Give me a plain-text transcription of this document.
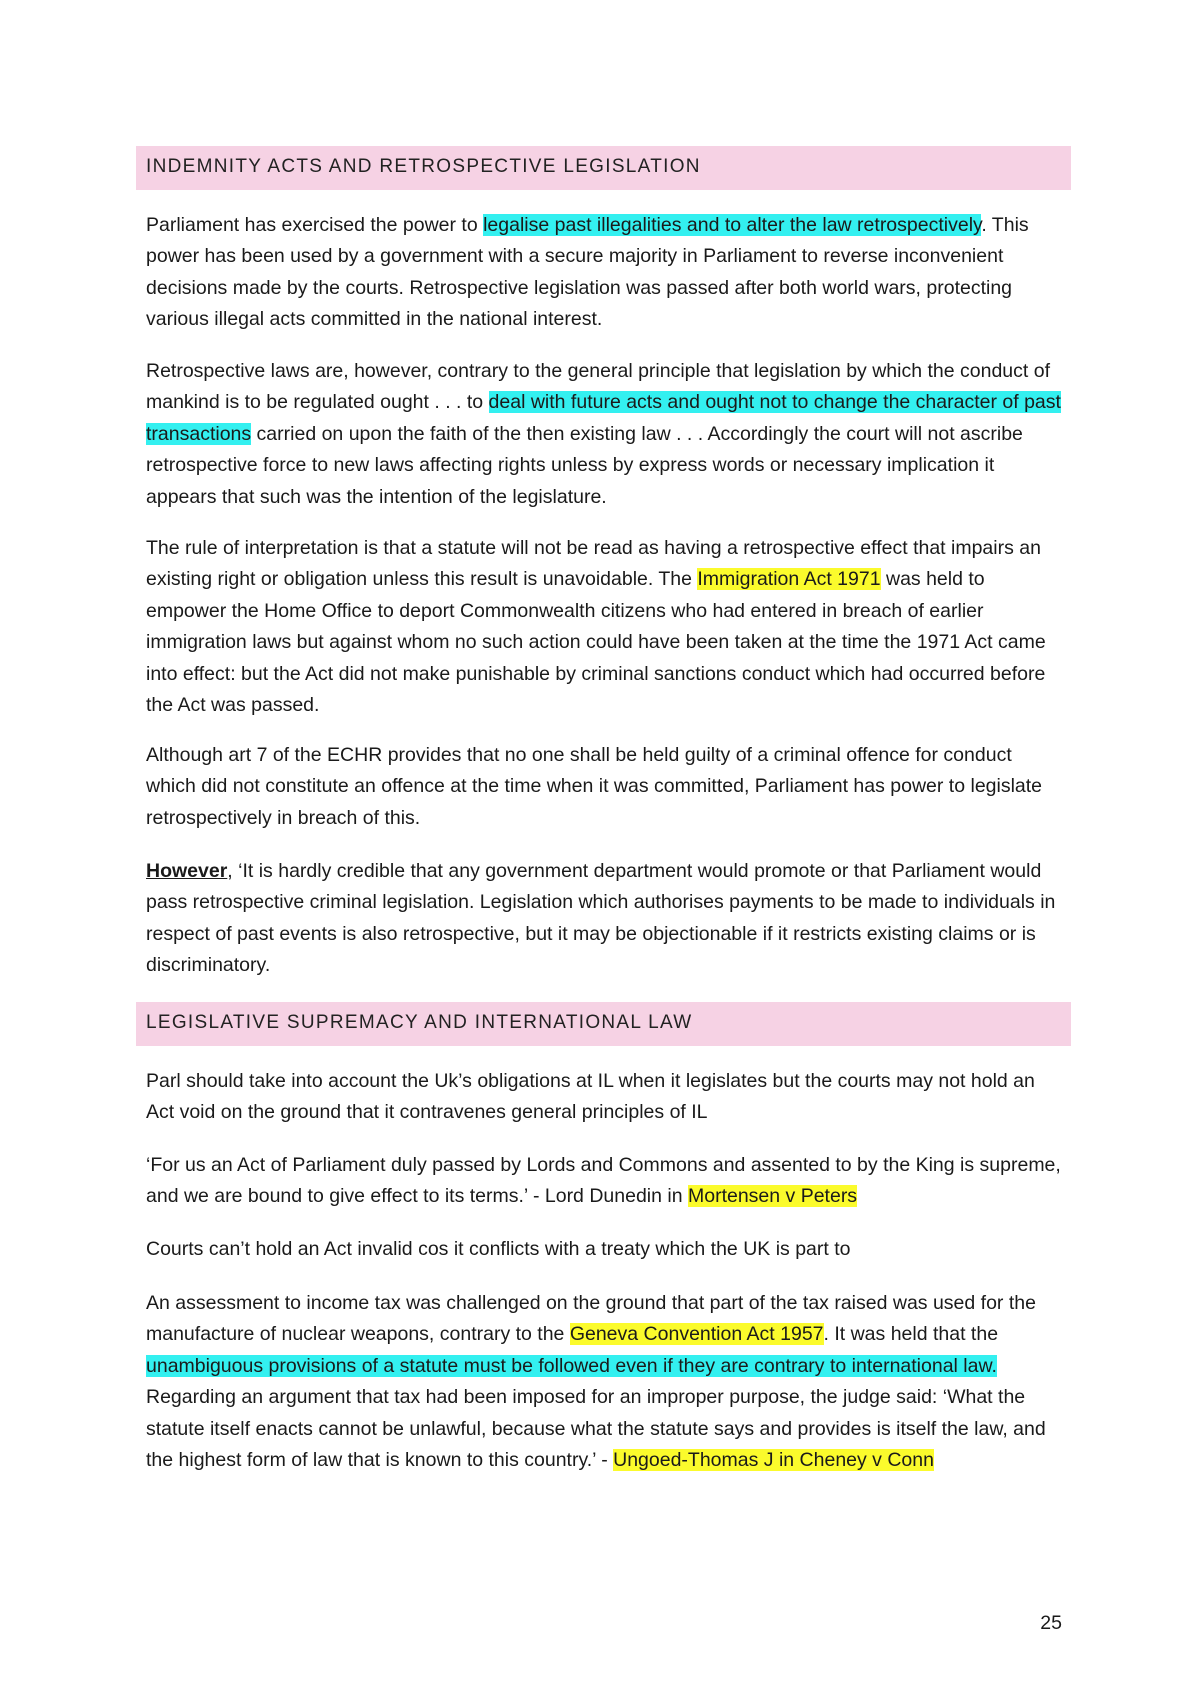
INDEMNITY ACTS AND RETROSPECTIVE LEGISLATION

Parliament has exercised the power to legalise past illegalities and to alter the law retrospectively. This power has been used by a government with a secure majority in Parliament to reverse inconvenient decisions made by the courts. Retrospective legislation was passed after both world wars, protecting various illegal acts committed in the national interest.

Retrospective laws are, however, contrary to the general principle that legislation by which the conduct of mankind is to be regulated ought . . . to deal with future acts and ought not to change the character of past transactions carried on upon the faith of the then existing law . . . Accordingly the court will not ascribe retrospective force to new laws affecting rights unless by express words or necessary implication it appears that such was the intention of the legislature.

The rule of interpretation is that a statute will not be read as having a retrospective effect that impairs an existing right or obligation unless this result is unavoidable. The Immigration Act 1971 was held to empower the Home Office to deport Commonwealth citizens who had entered in breach of earlier immigration laws but against whom no such action could have been taken at the time the 1971 Act came into effect: but the Act did not make punishable by criminal sanctions conduct which had occurred before the Act was passed.

Although art 7 of the ECHR provides that no one shall be held guilty of a criminal offence for conduct which did not constitute an offence at the time when it was committed, Parliament has power to legislate retrospectively in breach of this.

However, ‘It is hardly credible that any government department would promote or that Parliament would pass retrospective criminal legislation. Legislation which authorises payments to be made to individuals in respect of past events is also retrospective, but it may be objectionable if it restricts existing claims or is discriminatory.

LEGISLATIVE SUPREMACY AND INTERNATIONAL LAW

Parl should take into account the Uk’s obligations at IL when it legislates but the courts may not hold an Act void on the ground that it contravenes general principles of IL

‘For us an Act of Parliament duly passed by Lords and Commons and assented to by the King is supreme, and we are bound to give effect to its terms.’ - Lord Dunedin in Mortensen v Peters

Courts can’t hold an Act invalid cos it conflicts with a treaty which the UK is part to

An assessment to income tax was challenged on the ground that part of the tax raised was used for the manufacture of nuclear weapons, contrary to the Geneva Convention Act 1957. It was held that the unambiguous provisions of a statute must be followed even if they are contrary to international law. Regarding an argument that tax had been imposed for an improper purpose, the judge said: ‘What the statute itself enacts cannot be unlawful, because what the statute says and provides is itself the law, and the highest form of law that is known to this country.’ - Ungoed-Thomas J in Cheney v Conn

25
